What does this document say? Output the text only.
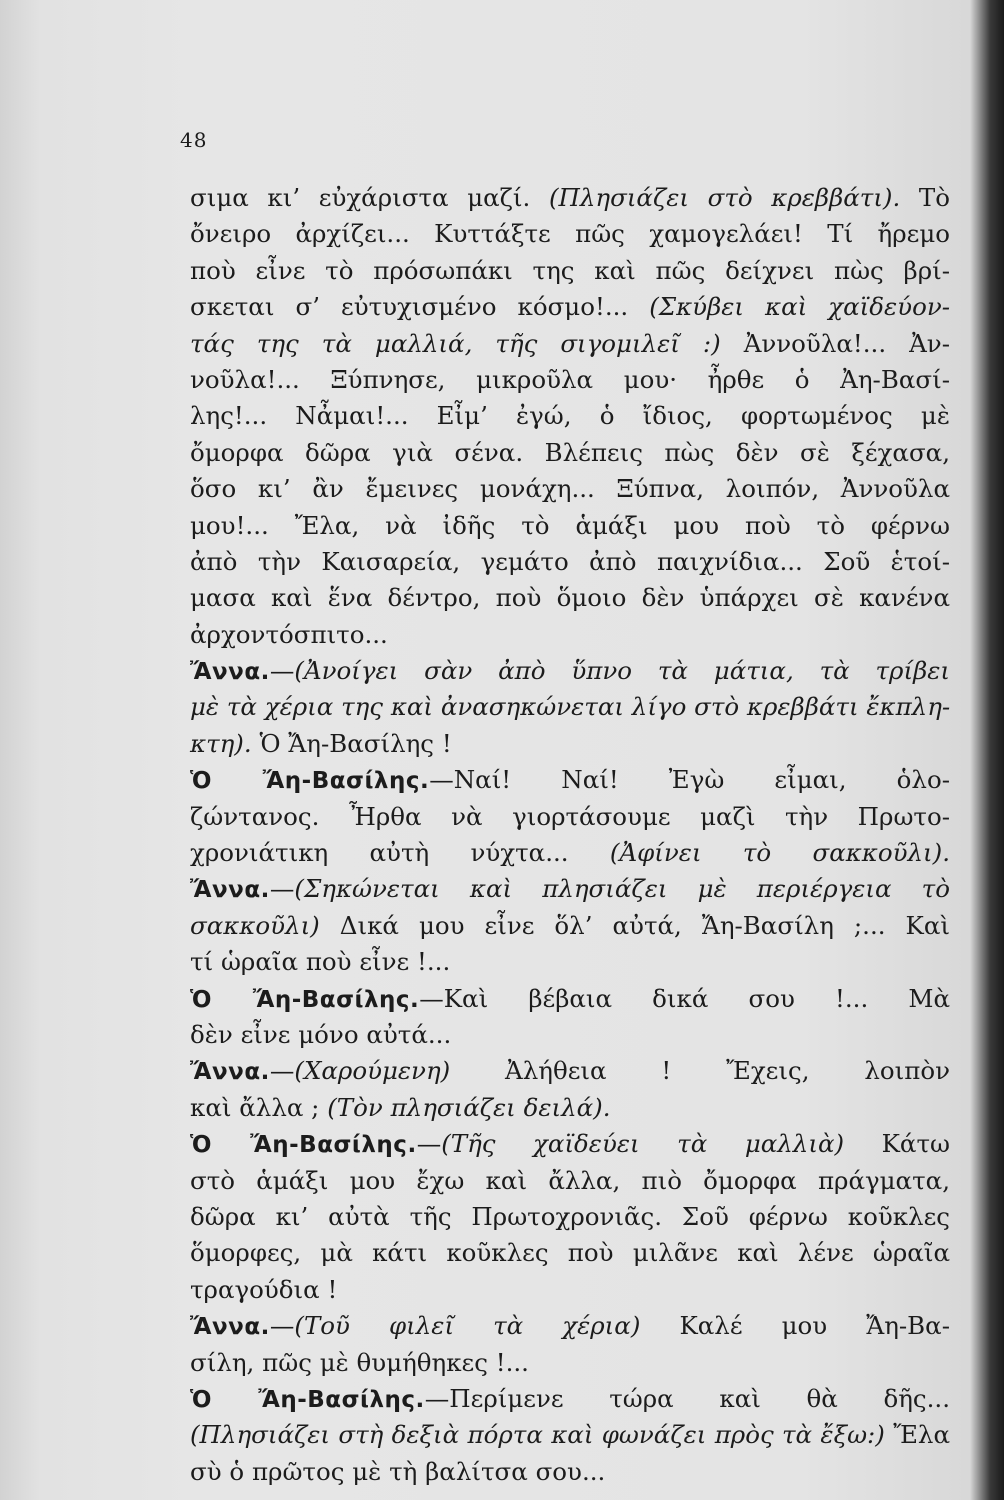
48
σιμα κι’ εὐχάριστα μαζί. (Πλησιάζει στὸ κρεββάτι). Τὸ
ὄνειρο ἀρχίζει... Κυττάξτε πῶς χαμογελάει! Τί ἤρεμο
ποὺ εἶνε τὸ πρόσωπάκι της καὶ πῶς δείχνει πὼς βρί-
σκεται σ’ εὐτυχισμένο κόσμο!... (Σκύβει καὶ χαϊδεύον-
τάς της τὰ μαλλιά, τῆς σιγομιλεῖ :) Ἀννοῦλα!... Ἀν-
νοῦλα!... Ξύπνησε, μικροῦλα μου· ἦρθε ὁ Ἀη-Βασί-
λης!... Νἆμαι!... Εἶμ’ ἐγώ, ὁ ἴδιος, φορτωμένος μὲ
ὄμορφα δῶρα γιὰ σένα. Βλέπεις πὼς δὲν σὲ ξέχασα,
ὅσο κι’ ἂν ἔμεινες μονάχη... Ξύπνα, λοιπόν, Ἀννοῦλα
μου!... Ἔλα, νὰ ἰδῆς τὸ ἁμάξι μου ποὺ τὸ φέρνω
ἀπὸ τὴν Καισαρεία, γεμάτο ἀπὸ παιχνίδια... Σοῦ ἑτοί-
μασα καὶ ἕνα δέντρο, ποὺ ὅμοιο δὲν ὑπάρχει σὲ κανένα
ἀρχοντόσπιτο...
Ἄννα.—(Ἀνοίγει σὰν ἀπὸ ὕπνο τὰ μάτια, τὰ τρίβει
μὲ τὰ χέρια της καὶ ἀνασηκώνεται λίγο στὸ κρεββάτι ἔκπλη-
κτη). Ὁ Ἄη-Βασίλης !
Ὁ Ἄη-Βασίλης.—Ναί! Ναί! Ἐγὼ εἶμαι, ὁλο-
ζώντανος. Ἦρθα νὰ γιορτάσουμε μαζὶ τὴν Πρωτο-
χρονιάτικη αὐτὴ νύχτα... (Ἀφίνει τὸ σακκοῦλι).
Ἄννα.—(Σηκώνεται καὶ πλησιάζει μὲ περιέργεια τὸ
σακκοῦλι) Δικά μου εἶνε ὅλ’ αὐτά, Ἄη-Βασίλη ;... Καὶ
τί ὡραῖα ποὺ εἶνε !...
Ὁ Ἄη-Βασίλης.—Καὶ βέβαια δικά σου !... Μὰ
δὲν εἶνε μόνο αὐτά...
Ἄννα.—(Χαρούμενη) Ἀλήθεια ! Ἔχεις, λοιπὸν
καὶ ἄλλα ; (Τὸν πλησιάζει δειλά).
Ὁ Ἄη-Βασίλης.—(Τῆς χαϊδεύει τὰ μαλλιὰ) Κάτω
στὸ ἁμάξι μου ἔχω καὶ ἄλλα, πιὸ ὄμορφα πράγματα,
δῶρα κι’ αὐτὰ τῆς Πρωτοχρονιᾶς. Σοῦ φέρνω κοῦκλες
ὅμορφες, μὰ κάτι κοῦκλες ποὺ μιλᾶνε καὶ λένε ὡραῖα
τραγούδια !
Ἄννα.—(Τοῦ φιλεῖ τὰ χέρια) Καλέ μου Ἄη-Βα-
σίλη, πῶς μὲ θυμήθηκες !...
Ὁ Ἄη-Βασίλης.—Περίμενε τώρα καὶ θὰ δῆς...
(Πλησιάζει στὴ δεξιὰ πόρτα καὶ φωνάζει πρὸς τὰ ἔξω:) Ἔλα
σὺ ὁ πρῶτος μὲ τὴ βαλίτσα σου...
